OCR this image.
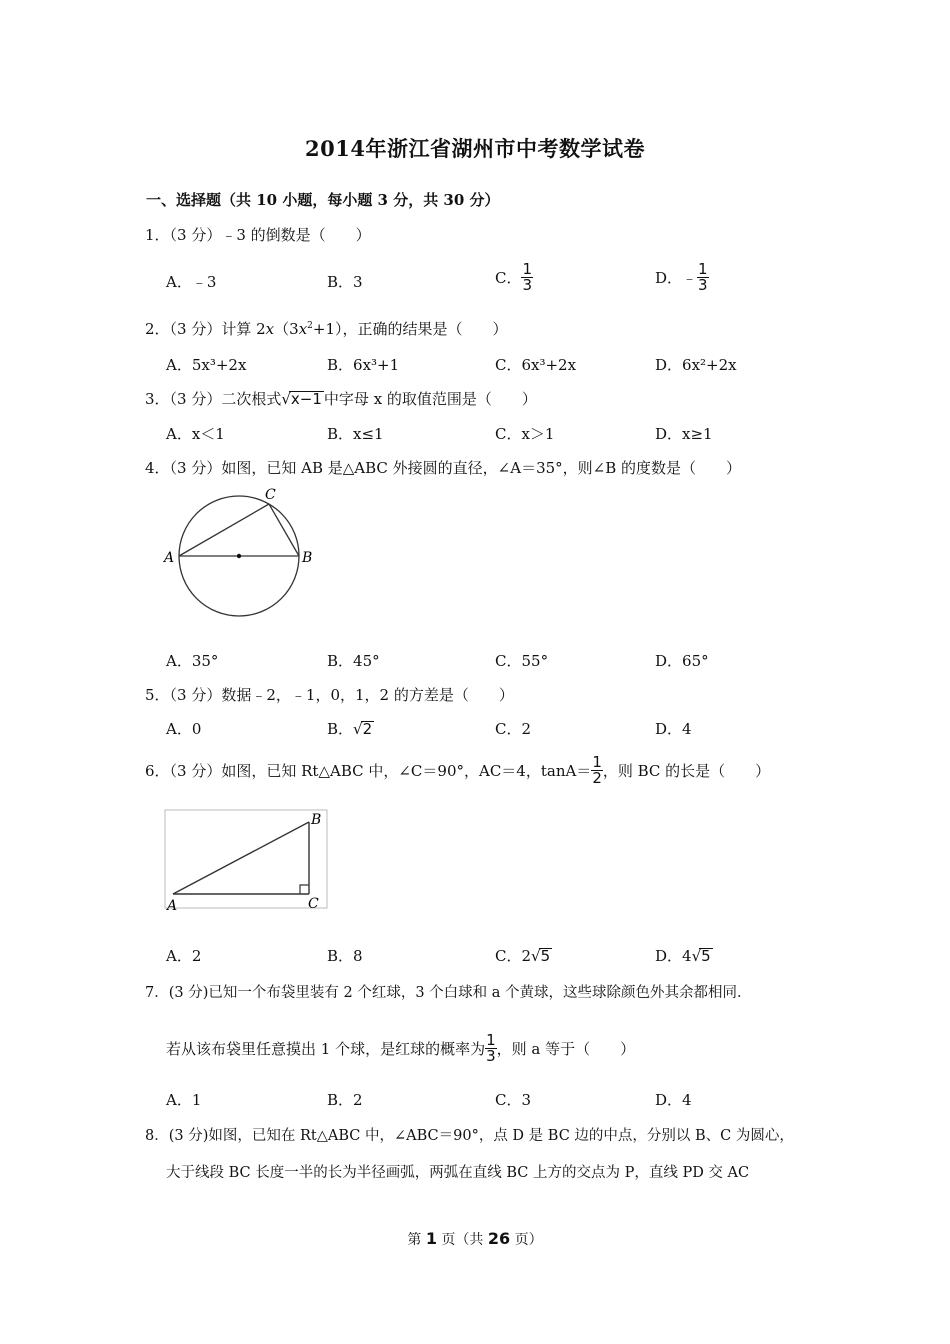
2014年浙江省湖州市中考数学试卷
一、选择题（共 10 小题，每小题 3 分，共 30 分）
1．（3 分）﹣3 的倒数是（　　）
A．﹣3	B．3	C． $\frac{1}{3}$	D．﹣ $\frac{1}{3}$
2．（3 分）计算 $2x(3x^2+1)$，正确的结果是（　　）
A．5x³+2x	B．6x³+1	C．6x³+2x	D．6x²+2x
3．（3 分）二次根式√x−1 中字母 x 的取值范围是（　　）
A．x＜1	B．x≤1	C．x＞1	D．x≥1
4．（3 分）如图，已知 AB 是△ABC 外接圆的直径，∠A＝35°，则∠B 的度数是（　　）
A	B
C
A．35°	B．45°	C．55°	D．65°
5．（3 分）数据﹣2，﹣1，0，1，2 的方差是（　　）
A．0	B．√2	C．2	D．4
6．（3 分）如图，已知 Rt△ABC 中，∠C＝90°，AC＝4，$\tan A= \frac{1}{2}$ ，则 BC 的长是（　　）
A
B
C
A．2	B．8	C．2√5	D．4√5
7．(3 分)已知一个布袋里装有 2 个红球，3 个白球和 a 个黄球，这些球除颜色外其余都相同．
若从该布袋里任意摸出 1 个球，是红球的概率为 $\frac{1}{3}$ ，则 a 等于（　　）
A．1	B．2	C．3	D．4
8．(3 分)如图，已知在 Rt△ABC 中，∠ABC＝90°，点 D 是 BC 边的中点，分别以 B、C 为圆心，
大于线段 BC 长度一半的长为半径画弧，两弧在直线 BC 上方的交点为 P，直线 PD 交 AC
第 1 页（共 26 页）
